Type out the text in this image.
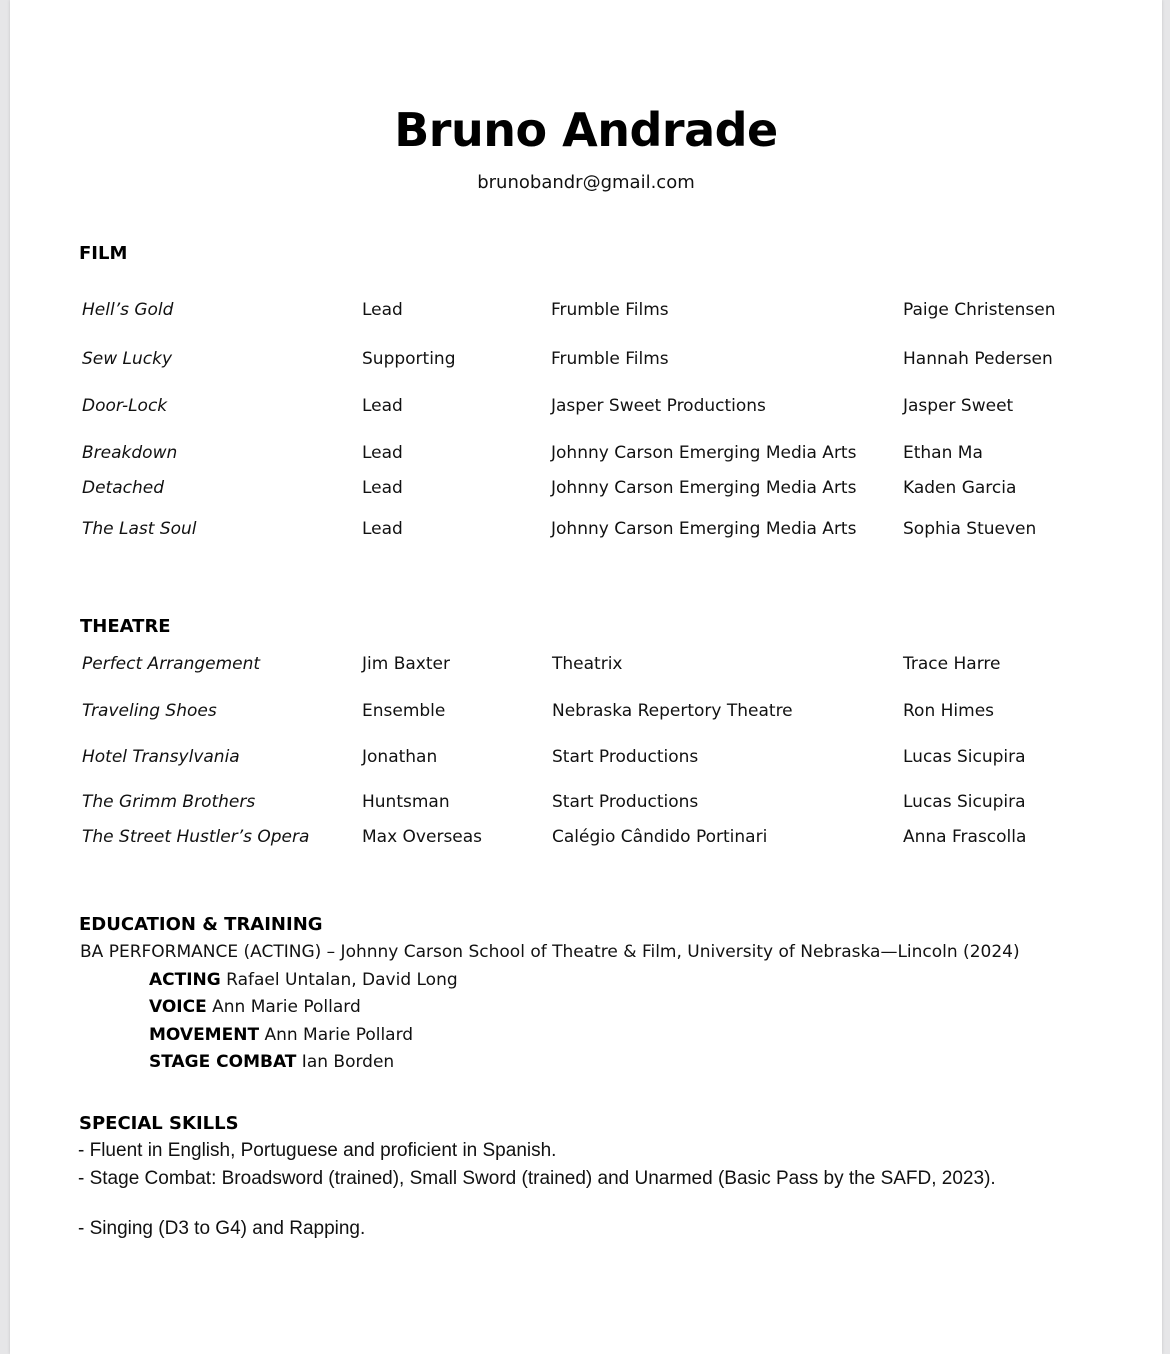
Bruno Andrade
brunobandr@gmail.com
FILM
Hell’s Gold	Lead	Frumble Films	Paige Christensen
Sew Lucky	Supporting	Frumble Films	Hannah Pedersen
Door-Lock	Lead	Jasper Sweet Productions	Jasper Sweet
Breakdown	Lead	Johnny Carson Emerging Media Arts	Ethan Ma
Detached	Lead	Johnny Carson Emerging Media Arts	Kaden Garcia
The Last Soul	Lead	Johnny Carson Emerging Media Arts	Sophia Stueven
THEATRE
Perfect Arrangement	Jim Baxter	Theatrix	Trace Harre
Traveling Shoes	Ensemble	Nebraska Repertory Theatre	Ron Himes
Hotel Transylvania	Jonathan	Start Productions	Lucas Sicupira
The Grimm Brothers	Huntsman	Start Productions	Lucas Sicupira
The Street Hustler’s Opera	Max Overseas	Calégio Cândido Portinari	Anna Frascolla
EDUCATION & TRAINING
BA PERFORMANCE (ACTING) – Johnny Carson School of Theatre & Film, University of Nebraska—Lincoln (2024)
ACTING Rafael Untalan, David Long
VOICE Ann Marie Pollard
MOVEMENT Ann Marie Pollard
STAGE COMBAT Ian Borden
SPECIAL SKILLS
- Fluent in English, Portuguese and proficient in Spanish.
- Stage Combat: Broadsword (trained), Small Sword (trained) and Unarmed (Basic Pass by the SAFD, 2023).
- Singing (D3 to G4) and Rapping.
